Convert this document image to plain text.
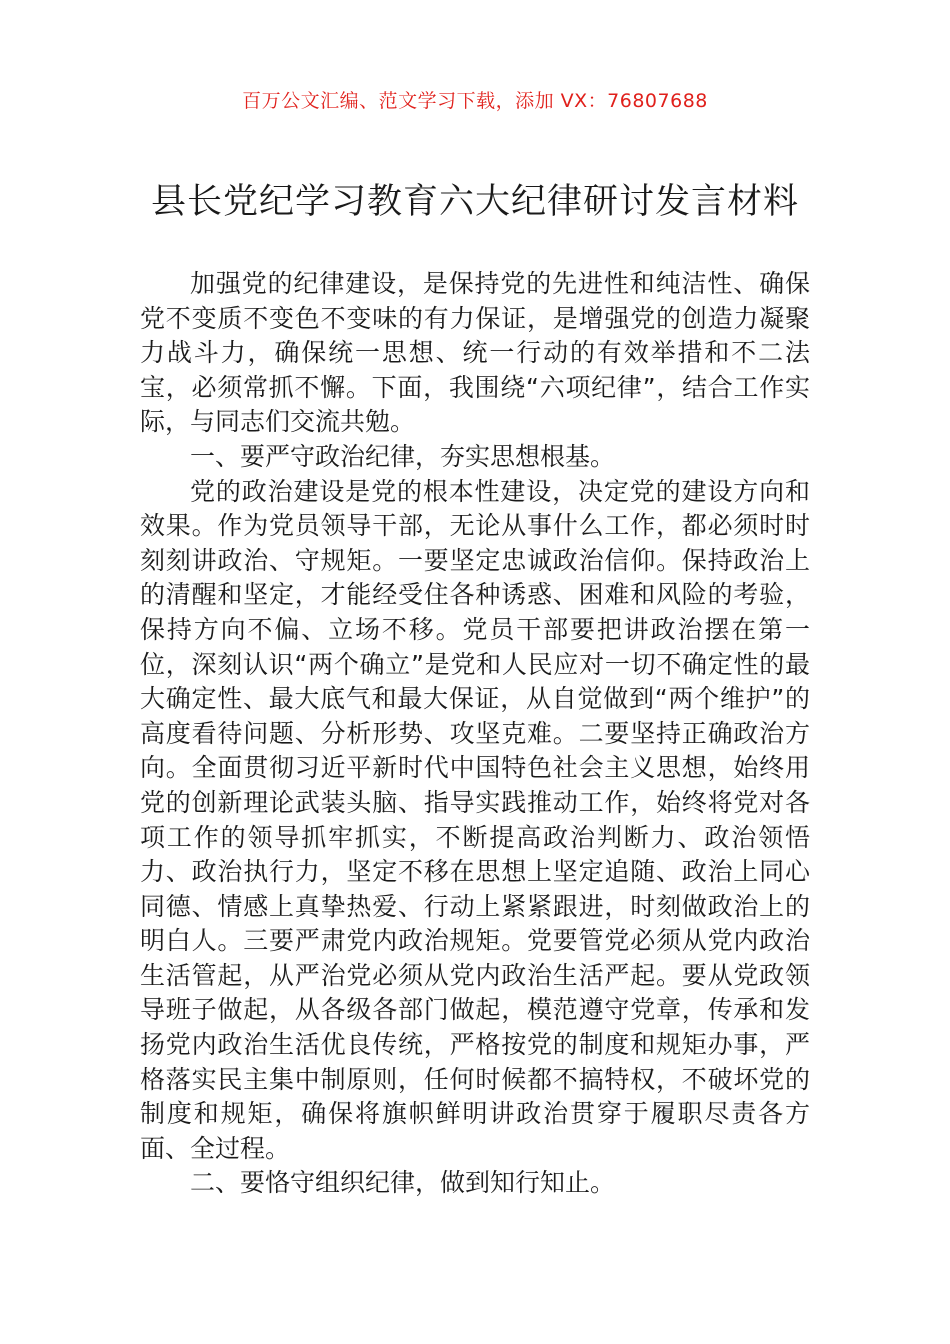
百万公文汇编、范文学习下载，添加 VX：76807688
县长党纪学习教育六大纪律研讨发言材料

加强党的纪律建设，是保持党的先进性和纯洁性、确保党不变质不变色不变味的有力保证，是增强党的创造力凝聚力战斗力，确保统一思想、统一行动的有效举措和不二法宝，必须常抓不懈。下面，我围绕“六项纪律”，结合工作实际，与同志们交流共勉。

一、要严守政治纪律，夯实思想根基。

党的政治建设是党的根本性建设，决定党的建设方向和效果。作为党员领导干部，无论从事什么工作，都必须时时刻刻讲政治、守规矩。一要坚定忠诚政治信仰。保持政治上的清醒和坚定，才能经受住各种诱惑、困难和风险的考验，保持方向不偏、立场不移。党员干部要把讲政治摆在第一位，深刻认识“两个确立”是党和人民应对一切不确定性的最大确定性、最大底气和最大保证，从自觉做到“两个维护”的高度看待问题、分析形势、攻坚克难。二要坚持正确政治方向。全面贯彻习近平新时代中国特色社会主义思想，始终用党的创新理论武装头脑、指导实践推动工作，始终将党对各项工作的领导抓牢抓实，不断提高政治判断力、政治领悟力、政治执行力，坚定不移在思想上坚定追随、政治上同心同德、情感上真挚热爱、行动上紧紧跟进，时刻做政治上的明白人。三要严肃党内政治规矩。党要管党必须从党内政治生活管起，从严治党必须从党内政治生活严起。要从党政领导班子做起，从各级各部门做起，模范遵守党章，传承和发扬党内政治生活优良传统，严格按党的制度和规矩办事，严格落实民主集中制原则，任何时候都不搞特权，不破坏党的制度和规矩，确保将旗帜鲜明讲政治贯穿于履职尽责各方面、全过程。

二、要恪守组织纪律，做到知行知止。
